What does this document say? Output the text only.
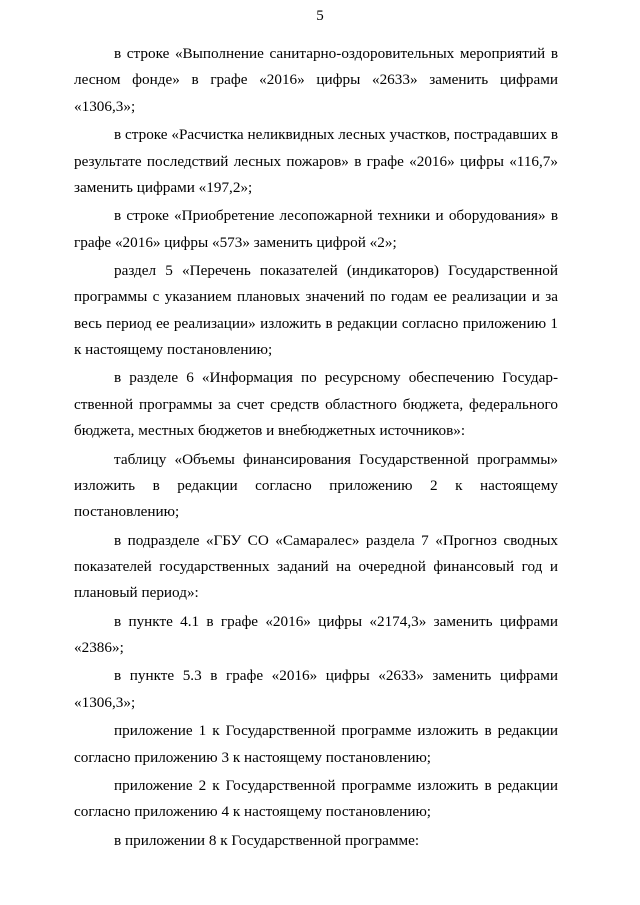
5

в строке «Выполнение санитарно-оздоровительных мероприятий в лесном фонде» в графе «2016» цифры «2633» заменить цифрами «1306,3»;

в строке «Расчистка неликвидных лесных участков, пострадавших в результате последствий лесных пожаров» в графе «2016» цифры «116,7» заменить цифрами «197,2»;

в строке «Приобретение лесопожарной техники и оборудования» в графе «2016» цифры «573» заменить цифрой «2»;

раздел 5 «Перечень показателей (индикаторов) Государственной программы с указанием плановых значений по годам ее реализации и за весь период ее реализации» изложить в редакции согласно приложению 1 к настоящему постановлению;

в разделе 6 «Информация по ресурсному обеспечению Государственной программы за счет средств областного бюджета, федерального бюджета, местных бюджетов и внебюджетных источников»:

таблицу «Объемы финансирования Государственной программы» изложить в редакции согласно приложению 2 к настоящему постановлению;

в подразделе «ГБУ СО «Самаралес» раздела 7 «Прогноз сводных показателей государственных заданий на очередной финансовый год и плановый период»:

в пункте 4.1 в графе «2016» цифры «2174,3» заменить цифрами «2386»;

в пункте 5.3 в графе «2016» цифры «2633» заменить цифрами «1306,3»;

приложение 1 к Государственной программе изложить в редакции согласно приложению 3 к настоящему постановлению;

приложение 2 к Государственной программе изложить в редакции согласно приложению 4 к настоящему постановлению;

в приложении 8 к Государственной программе:
